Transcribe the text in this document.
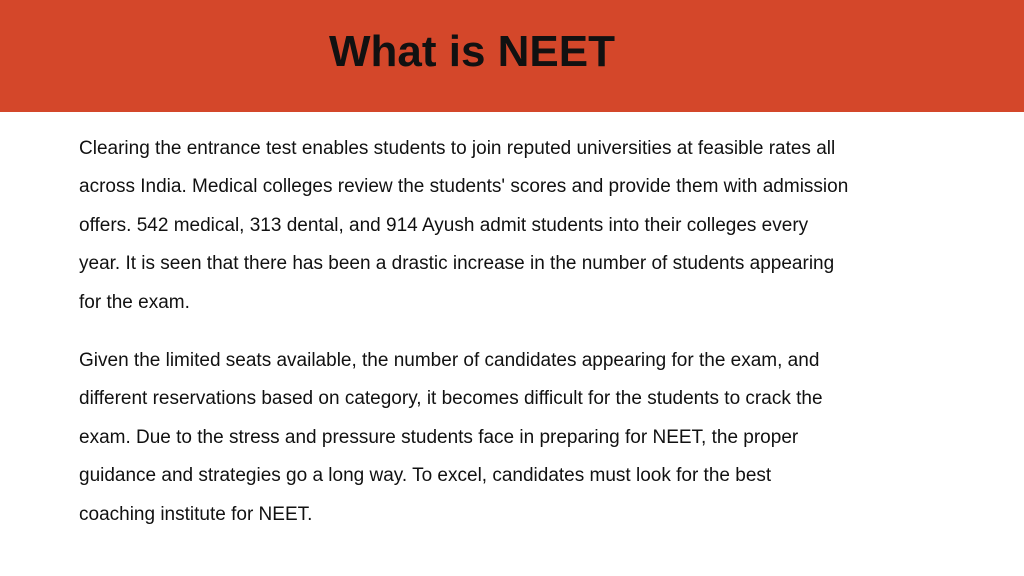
What is NEET

Clearing the entrance test enables students to join reputed universities at feasible rates all across India. Medical colleges review the students' scores and provide them with admission offers. 542 medical, 313 dental, and 914 Ayush admit students into their colleges every year. It is seen that there has been a drastic increase in the number of students appearing for the exam.

Given the limited seats available, the number of candidates appearing for the exam, and different reservations based on category, it becomes difficult for the students to crack the exam. Due to the stress and pressure students face in preparing for NEET, the proper guidance and strategies go a long way. To excel, candidates must look for the best coaching institute for NEET.
